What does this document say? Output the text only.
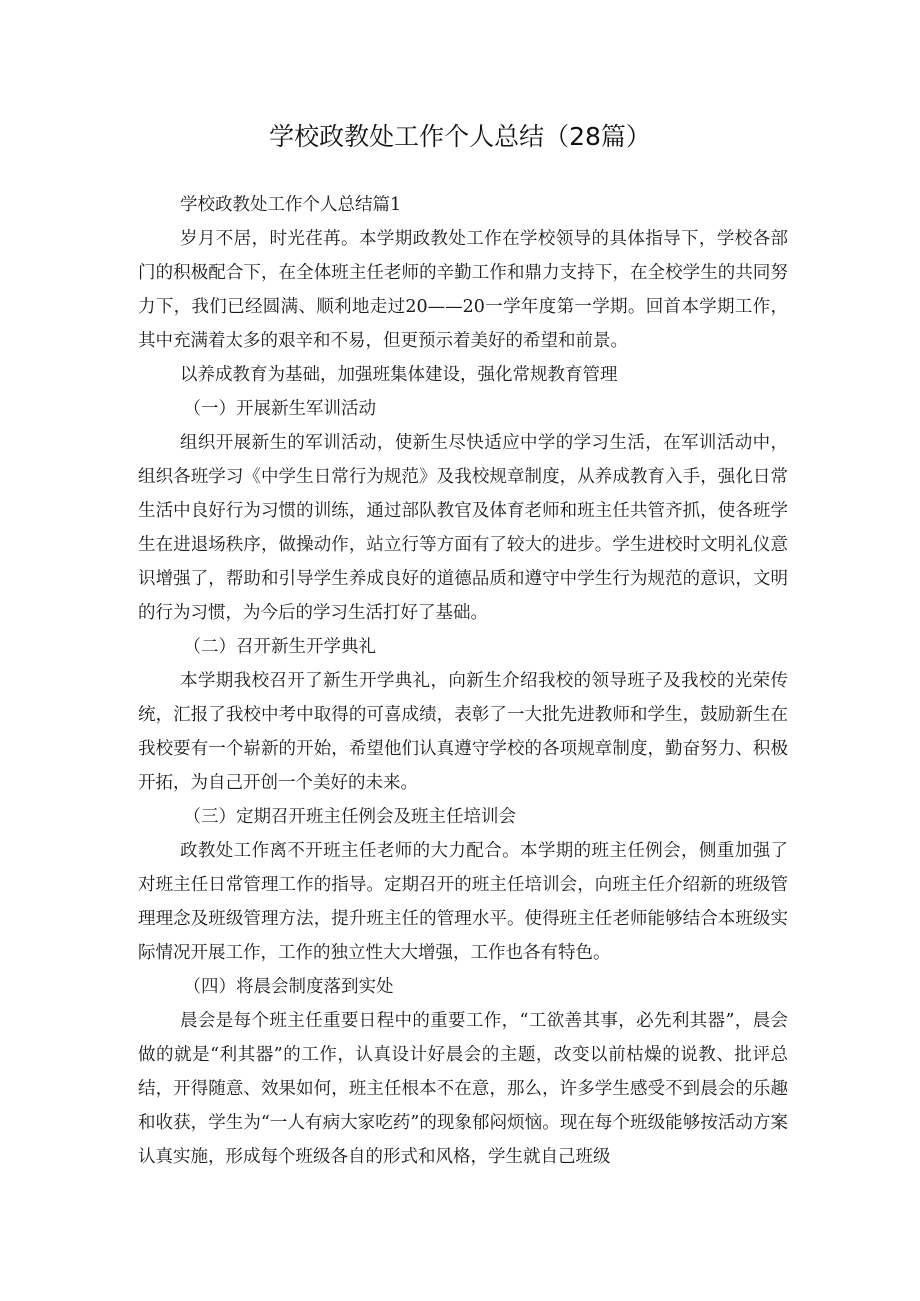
学校政教处工作个人总结（28篇）

学校政教处工作个人总结篇1

岁月不居，时光荏苒。本学期政教处工作在学校领导的具体指导下，学校各部门的积极配合下，在全体班主任老师的辛勤工作和鼎力支持下，在全校学生的共同努力下，我们已经圆满、顺利地走过20——20一学年度第一学期。回首本学期工作，其中充满着太多的艰辛和不易，但更预示着美好的希望和前景。

以养成教育为基础，加强班集体建设，强化常规教育管理

（一）开展新生军训活动

组织开展新生的军训活动，使新生尽快适应中学的学习生活，在军训活动中，组织各班学习《中学生日常行为规范》及我校规章制度，从养成教育入手，强化日常生活中良好行为习惯的训练，通过部队教官及体育老师和班主任共管齐抓，使各班学生在进退场秩序，做操动作，站立行等方面有了较大的进步。学生进校时文明礼仪意识增强了，帮助和引导学生养成良好的道德品质和遵守中学生行为规范的意识，文明的行为习惯，为今后的学习生活打好了基础。

（二）召开新生开学典礼

本学期我校召开了新生开学典礼，向新生介绍我校的领导班子及我校的光荣传统，汇报了我校中考中取得的可喜成绩，表彰了一大批先进教师和学生，鼓励新生在我校要有一个崭新的开始，希望他们认真遵守学校的各项规章制度，勤奋努力、积极开拓，为自己开创一个美好的未来。

（三）定期召开班主任例会及班主任培训会

政教处工作离不开班主任老师的大力配合。本学期的班主任例会，侧重加强了对班主任日常管理工作的指导。定期召开的班主任培训会，向班主任介绍新的班级管理理念及班级管理方法，提升班主任的管理水平。使得班主任老师能够结合本班级实际情况开展工作，工作的独立性大大增强，工作也各有特色。

（四）将晨会制度落到实处

晨会是每个班主任重要日程中的重要工作，“工欲善其事，必先利其器”，晨会做的就是“利其器”的工作，认真设计好晨会的主题，改变以前枯燥的说教、批评总结，开得随意、效果如何，班主任根本不在意，那么，许多学生感受不到晨会的乐趣和收获，学生为“一人有病大家吃药”的现象郁闷烦恼。现在每个班级能够按活动方案认真实施，形成每个班级各自的形式和风格，学生就自己班级
